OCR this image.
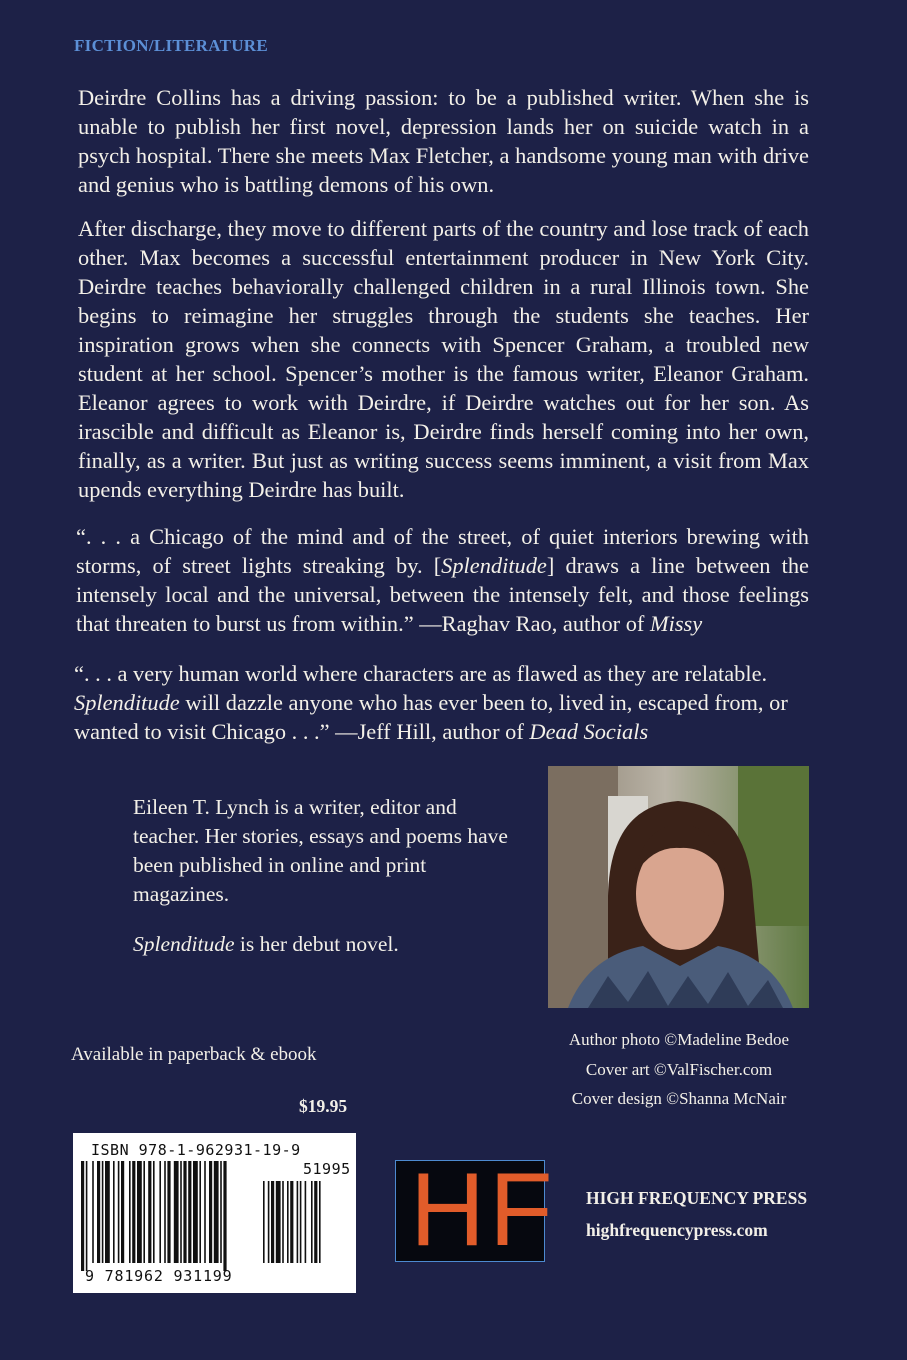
FICTION/LITERATURE

Deirdre Collins has a driving passion: to be a published writer. When she is unable to publish her first novel, depression lands her on suicide watch in a psych hospital. There she meets Max Fletcher, a handsome young man with drive and genius who is battling demons of his own.

After discharge, they move to different parts of the country and lose track of each other. Max becomes a successful entertainment producer in New York City. Deirdre teaches behaviorally challenged children in a rural Illinois town. She begins to reimagine her struggles through the students she teaches. Her inspiration grows when she connects with Spencer Graham, a troubled new student at her school. Spencer’s mother is the famous writer, Eleanor Graham. Eleanor agrees to work with Deirdre, if Deirdre watches out for her son. As irascible and difficult as Eleanor is, Deirdre finds herself coming into her own, finally, as a writer. But just as writing success seems imminent, a visit from Max upends everything Deirdre has built.

“. . . a Chicago of the mind and of the street, of quiet interiors brewing with storms, of street lights streaking by. [Splenditude] draws a line between the intensely local and the universal, between the intensely felt, and those feelings that threaten to burst us from within.” —Raghav Rao, author of Missy

“. . . a very human world where characters are as flawed as they are relatable. Splenditude will dazzle anyone who has ever been to, lived in, escaped from, or wanted to visit Chicago . . .” —Jeff Hill, author of Dead Socials

Eileen T. Lynch is a writer, editor and teacher. Her stories, essays and poems have been published in online and print magazines.

Splenditude is her debut novel.

Author photo ©Madeline Bedoe
Cover art ©ValFischer.com
Cover design ©Shanna McNair
Available in paperback & ebook
$19.95
ISBN 978-1-962931-19-9
51995
9 781962 931199
HF HIGH FREQUENCY PRESS
highfrequencypress.com
